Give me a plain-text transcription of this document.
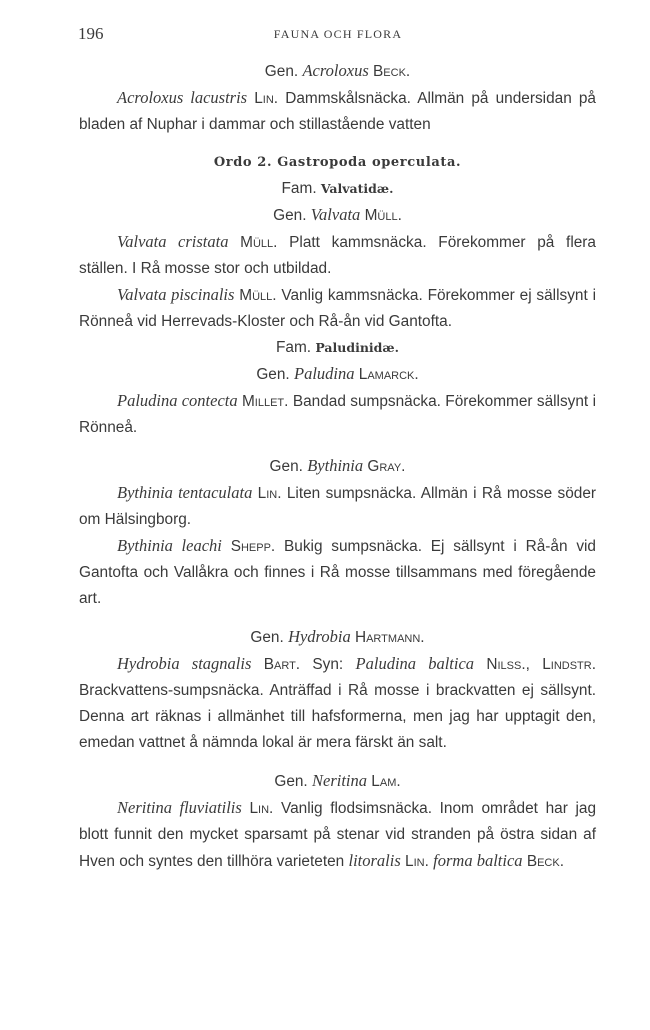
196	FAUNA OCH FLORA
Gen. Acroloxus Beck.

Acroloxus lacustris Lin. Dammskålsnäcka. Allmän på undersidan på bladen af Nuphar i dammar och stillastående vatten

Ordo 2. Gastropoda operculata.
Fam. Valvatidæ.
Gen. Valvata Müll.

Valvata cristata Müll. Platt kammsnäcka. Förekommer på flera ställen. I Rå mosse stor och utbildad.

Valvata piscinalis Müll. Vanlig kammsnäcka. Förekommer ej sällsynt i Rönneå vid Herrevads-Kloster och Rå-ån vid Gantofta.

Fam. Paludinidæ.
Gen. Paludina Lamarck.

Paludina contecta Millet. Bandad sumpsnäcka. Förekommer sällsynt i Rönneå.

Gen. Bythinia Gray.

Bythinia tentaculata Lin. Liten sumpsnäcka. Allmän i Rå mosse söder om Hälsingborg.

Bythinia leachi Shepp. Bukig sumpsnäcka. Ej sällsynt i Rå-ån vid Gantofta och Vallåkra och finnes i Rå mosse tillsammans med föregående art.

Gen. Hydrobia Hartmann.

Hydrobia stagnalis Bart. Syn: Paludina baltica Nilss., Lindstr. Brackvattens-sumpsnäcka. Anträffad i Rå mosse i brackvatten ej sällsynt. Denna art räknas i allmänhet till hafsformerna, men jag har upptagit den, emedan vattnet å nämnda lokal är mera färskt än salt.

Gen. Neritina Lam.

Neritina fluviatilis Lin. Vanlig flodsimsnäcka. Inom området har jag blott funnit den mycket sparsamt på stenar vid stranden på östra sidan af Hven och syntes den tillhöra varieteten litoralis Lin. forma baltica Beck.
